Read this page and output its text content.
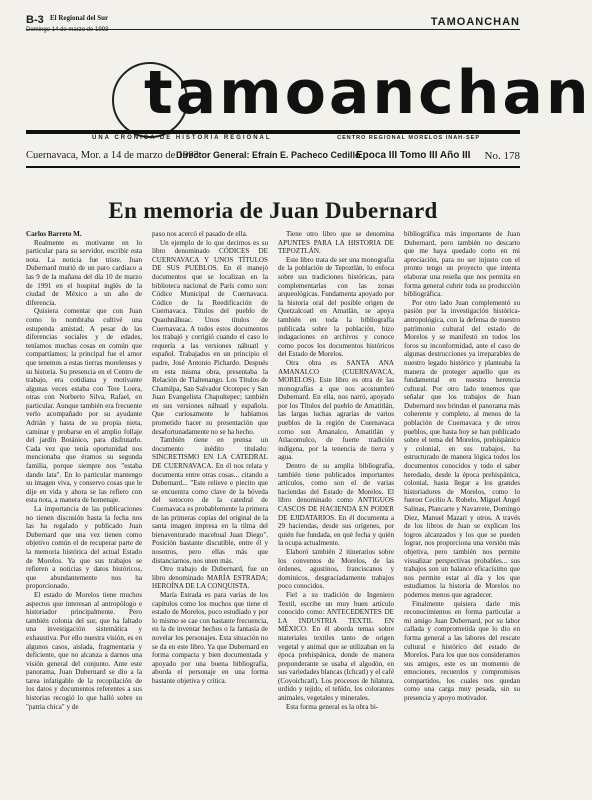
B-3 El Regional del Sur
Domingo 14 de marzo de 1993
TAMOANCHAN
tamoanchan
UNA CRÓNICA DE HISTORIA REGIONAL	CENTRO REGIONAL MORELOS INAH-SEP
Cuernavaca, Mor. a 14 de marzo de 1993
Director General: Efraín E. Pacheco Cedillo
Epoca III Tomo III Año III No. 178
En memoria de Juan Dubernard

Carlos Barreto M.

Realmente es motivante en lo particular para su servidor, escribir esta nota. La noticia fue triste. Juan Dubernard murió de un paro cardiaco a las 9 de la mañana del día 10 de marzo de 1991 en el hospital inglés de la ciudad de México a un año de diferencia.

Quisiera comentar que con Juan como lo nombraba cultivé una estupenda amistad. A pesar de las diferencias sociales y de edades, teníamos muchas cosas en común que compartíamos; la principal fue el amor que tenemos a estas tierras morelenses y su historia. Su presencia en el Centro de trabajo, era cotidiana y motivante algunas veces estaba con Tere Loera, otras con Norberto Silva, Rafael, en particular. Aunque también era frecuente verlo acompañado por su ayudante Adrián y hasta de su propia nieta, caminar y probarse en el amplio follaje del jardín Botánico, para disfrutarlo. Cada vez que tenía oportunidad nos mencionaba que éramos su segunda familia, porque siempre nos "estaba dando lata". En lo particular mantengo su imagen viva, y conservo cosas que le dije en vida y ahora se las refiero con esta nota, a manera de homenaje.

La importancia de las publicaciones no tienen discusión hasta la fecha nos las ha regalado y publicado Juan Dubernard que una vez tienen como objetivo común el de recuperar parte de la memoria histórica del actual Estado de Morelos. Ya que sus trabajos se refieren a noticias y datos históricos, que abundantemente nos ha proporcionado.

El estado de Morelos tiene muchos aspectos que interesan al antropólogo e historiador principalmente. Pero también colonia del sur, que ha faltado una investigación sistemática y exhaustiva. Por ello nuestra visión, es en algunos casos, aislada, fragmentaria y deficiente, que no alcanza a darnos una visión general del conjunto. Ante este panorama, Juan Dubernard se dio a la tarea infatigable de la recopilación de los datos y documentos referentes a sus historias recogió lo que halló sobre su "patria chica" y de

paso nos acercó el pasado de ella.

Un ejemplo de lo que decimos es su libro denominado CÓDICES DE CUERNAVACA Y UNOS TÍTULOS DE SUS PUEBLOS. En él manejó documentos que se localizan en la biblioteca nacional de París como son: Códice Municipal de Cuernavaca. Códice de la Reedificación de Cuernavaca. Títulos del pueblo de Quauhnáhuac. Unos títulos de Cuernavaca. A todos estos documentos los trabajó y corrigió cuando el caso lo requería a las versiones náhuatl y español. Trabajados en un principio el padre, José Antonio Pichardo. Después en esta misma obra, presentaba la Relación de Tlaltenango. Los Títulos de Chamilpa, San Salvador Ocotepec y San Juan Evangelista Chapultepec; también en sus versiones náhuatl y española. Que curiosamente le habíamos prometido hacer su presentación que desafortunadamente no se ha hecho.

También tiene en prensa un documento inédito titulado: SINCRETISMO EN LA CATEDRAL DE CUERNAVACA. En él nos relata y documenta entre otras cosas... citando a Dubernard... "Este relieve e piecito que se encuentra como clave de la bóveda del sotocoro de la catedral de Cuernavaca es probablemente la primera de las primeras copias del original de la santa imagen impresa en la tilma del bienaventurado macehual Juan Diego". Posición bastante discutible, entre él y nosotros, pero ellas más que distanciarnos, nos unen más.

Otro trabajo de Dubernard, fue un libro denominado MARÍA ESTRADA; HEROÍNA DE LA CONQUISTA.

María Estrada es para varias de los capítulos como los muchos que tiene el estado de Morelos, poco estudiado y por lo mismo se cae con bastante frecuencia, en la de inventar hechos o la fantasía de novelar los personajes. Esta situación no se da en este libro. Ya que Dubernard en forma compacta y bien documentada y apoyado por una buena bibliografía, aborda el personaje en una forma bastante objetiva y crítica.

Tiene otro libro que se denomina APUNTES PARA LA HISTORIA DE TEPOZTLÁN.

Este libro trata de ser una monografía de la población de Tepoztlán, lo enfoca sobre sus tradiciones históricas, para complementarlas con las zonas arqueológicas. Fundamenta apoyado por la historia oral del posible origen de Quetzalcoatl en Amatlán, se apoya también en toda la bibliografía publicada sobre la población, hizo indagaciones en archivos y conoce como pocos los documentos históricos del Estado de Morelos.

Otra obra es SANTA ANA AMANALCO (CUERNAVACA, MORELOS). Este libro es otra de las monografías a que nos acostumbró Dubernard. En ella, nos narró, apoyado por los Títulos del pueblo de Amatitlán, las largas luchas agrarias de varios pueblos de la región de Cuernavaca como son Amanalco, Amatitlán y Atlacomulco, de fuerte tradición indígena, por la tenencia de tierra y agua.

Dentro de su amplia bibliografía, también tiene publicados importantes artículos, como son el de varias haciendas del Estado de Morelos. El libro denominado como ANTIGUOS CASCOS DE HACIENDA EN PODER DE EJIDATARIOS. En él documenta a 29 haciendas, desde sus orígenes, por quién fue fundada, en qué fecha y quién la ocupa actualmente.

Elaboró también 2 itinerarios sobre los conventos de Morelos, de las órdenes, agustinos, franciscanos y dominicos, desgraciadamente trabajos poco conocidos.

Fiel a su tradición de Ingeniero Textil, escribe un muy buen artículo conocido como: ANTECEDENTES DE LA INDUSTRIA TEXTIL EN MÉXICO. En él aborda temas sobre materiales textiles tanto de origen vegetal y animal que se utilizaban en la época prehispánica, donde de manera preponderante se usaba el algodón, en sus variedades blancas (Ichcatl) y el café (Coyoichcatl). Los procesos de hilatura, urdido y tejido, el teñido, los colorantes animales, vegetales y minerales.

Esta forma general es la obra bi-

bibliográfica más importante de Juan Dubernard, pero también no descarto que me haya quedado corto en mi apreciación, para no ser injusto con el pronto tengo un proyecto que intenta elaborar una reseña que nos permita en forma general cubrir toda su producción bibliográfica.

Por otro lado Juan complementó su pasión por la investigación histórica-antropológica, con la defensa de nuestro patrimonio cultural del estado de Morelos y se manifestó en todos los foros su inconformidad, ante el caso de algunas destrucciones ya irreparables de nuestro legado histórico y planteaba la manera de proteger aquello que es fundamental en nuestra herencia cultural. Por otro lado tenemos que señalar que los trabajos de Juan Dubernard nos brindan el panorama más coherente y completo, al menos de la población de Cuernavaca y de otros pueblos, que hasta hoy se han publicado sobre el tema del Morelos, prehispánico y colonial, en sus trabajos, ha estructurado de manera lógica todos los documentos conocidos y todo el saber heredado, desde la época prehispánica, colonial, hasta llegar a los grandes historiadores de Morelos, como lo fueron Cecilio A. Robelo, Miguel Ángel Salinas, Plancarte y Navarrete, Domingo Diez, Manuel Mazari y otros. A través de los libros de Juan se explican los logros alcanzados y los que se pueden lograr, nos proporciona una versión más objetiva, pero también nos permite visualizar perspectivas probables... sus trabajos son un balance eficacísimo que nos permite estar al día y los que estudiamos la historia de Morelos no podemos menos que agradecer.

Finalmente quisiera darle mis reconocimientos en forma particular a mi amigo Juan Dubernard, por su labor callada y comprometida que lo dio en forma general a las labores del rescate cultural e histórico del estado de Morelos. Para los que nos consideramos sus amigos, este es un momento de emociones, recuerdos y compromisos compartidos, los cuales nos quedan como una carga muy pesada, sin su presencia y apoyo motivador.
